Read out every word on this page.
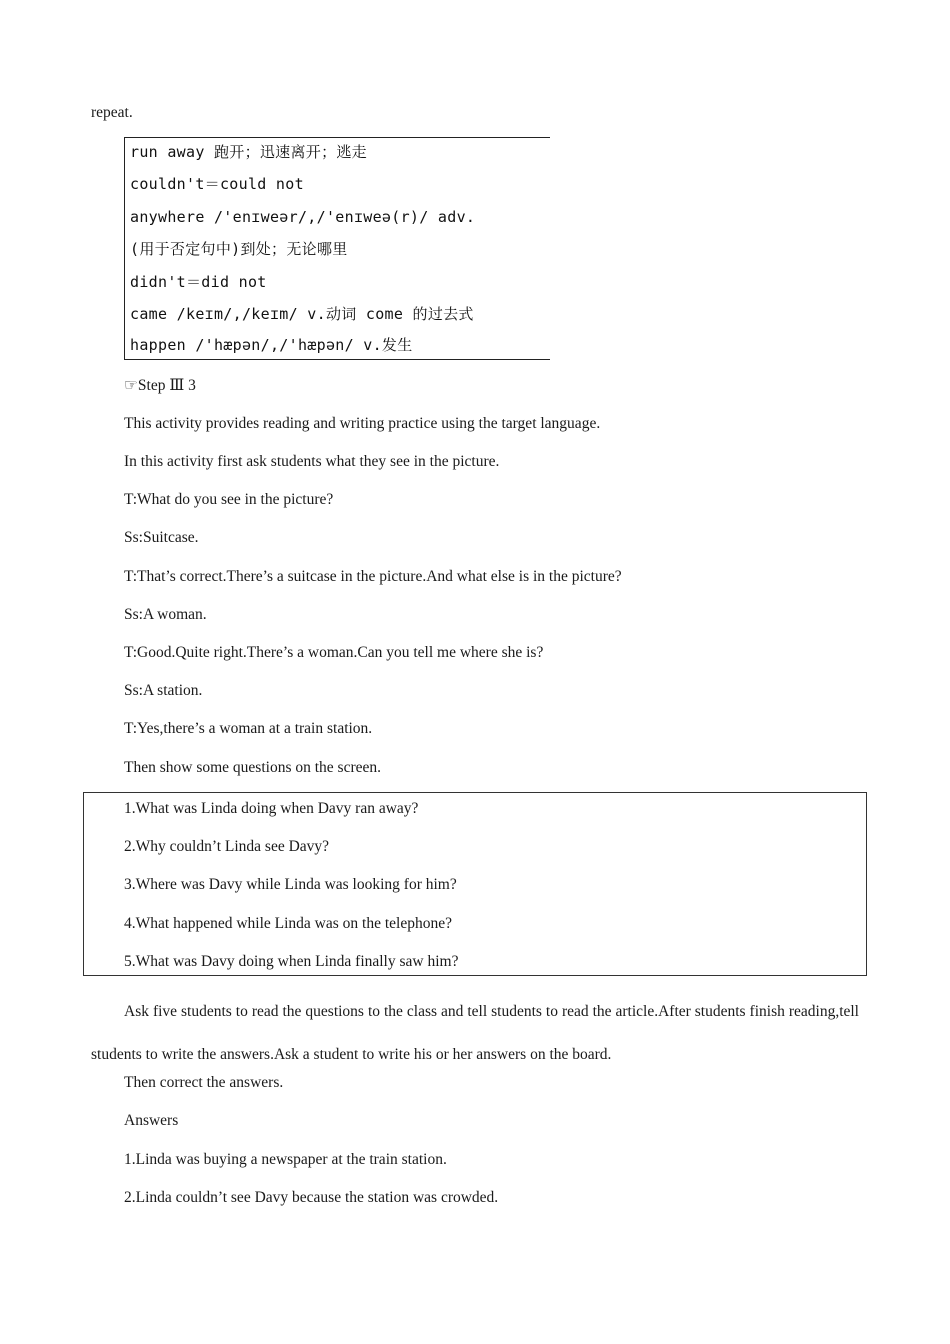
repeat.
run away 跑开；迅速离开；逃走
couldn't＝could not
anywhere /'enɪweər/,/'enɪweə(r)/ adv.
(用于否定句中)到处；无论哪里
didn't＝did not
came /keɪm/,/keɪm/ v.动词 come 的过去式
happen /'hæpən/,/'hæpən/ v.发生
☞Step Ⅲ 3
This activity provides reading and writing practice using the target language.
In this activity first ask students what they see in the picture.
T:What do you see in the picture?
Ss:Suitcase.
T:That’s correct.There’s a suitcase in the picture.And what else is in the picture?
Ss:A woman.
T:Good.Quite right.There’s a woman.Can you tell me where she is?
Ss:A station.
T:Yes,there’s a woman at a train station.
Then show some questions on the screen.
1.What was Linda doing when Davy ran away?
2.Why couldn’t Linda see Davy?
3.Where was Davy while Linda was looking for him?
4.What happened while Linda was on the telephone?
5.What was Davy doing when Linda finally saw him?
Ask five students to read the questions to the class and tell students to read the article.After students finish reading,tell students to write the answers.Ask a student to write his or her answers on the board.
Then correct the answers.
Answers
1.Linda was buying a newspaper at the train station.
2.Linda couldn’t see Davy because the station was crowded.
